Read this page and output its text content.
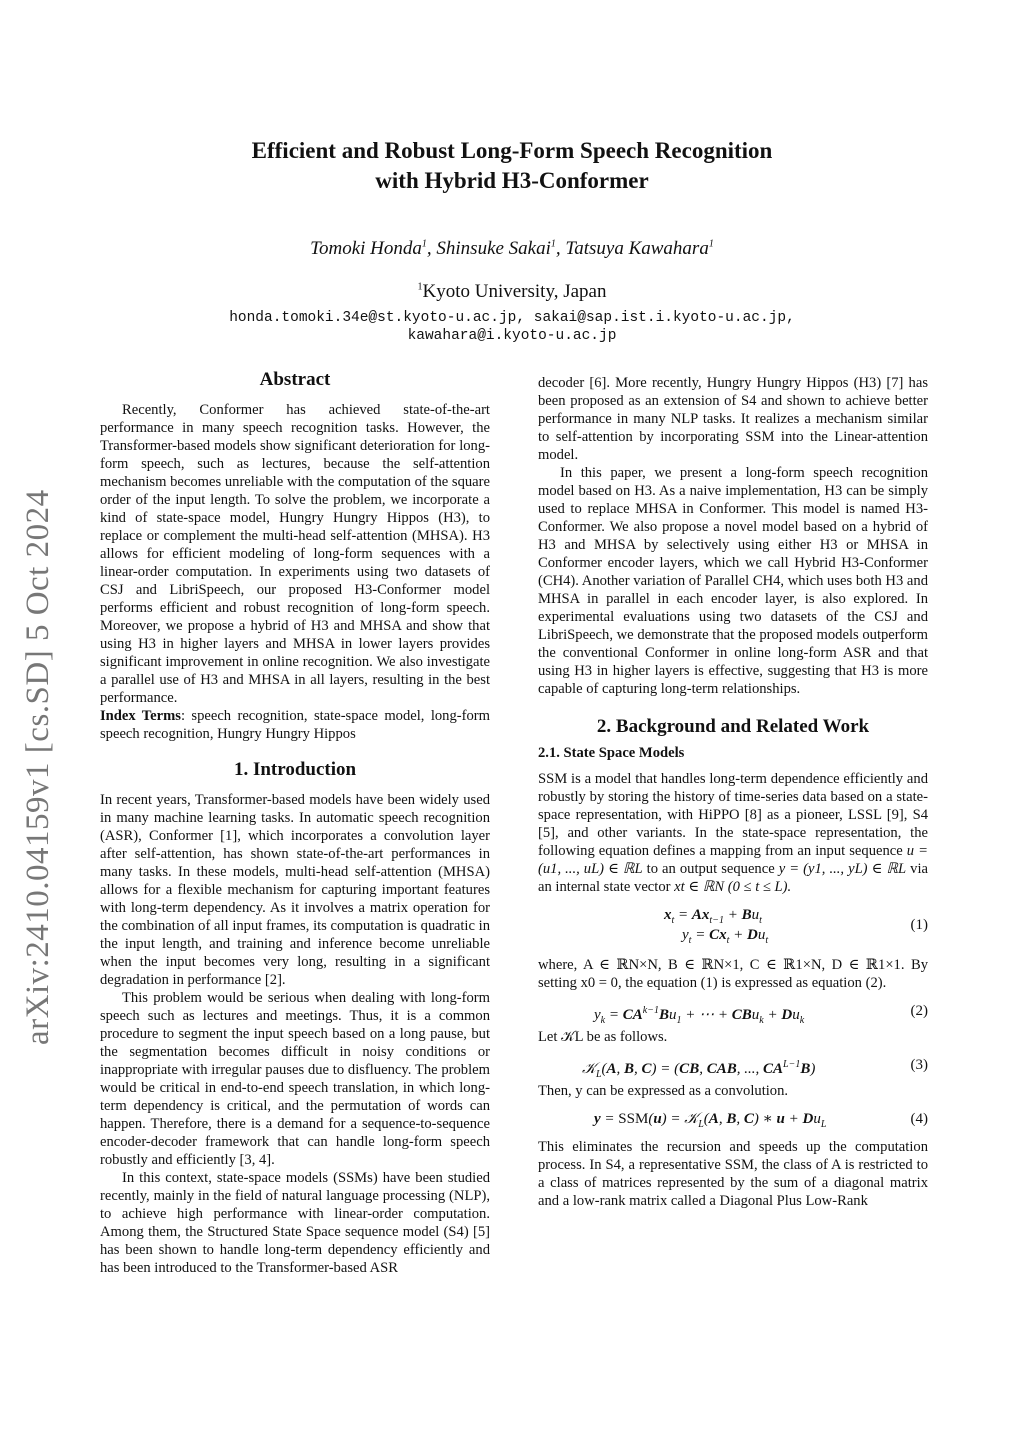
Efficient and Robust Long-Form Speech Recognition
with Hybrid H3-Conformer
Tomoki Honda$^1$, Shinsuke Sakai$^1$, Tatsuya Kawahara$^1$
$^1$Kyoto University, Japan
honda.tomoki.34e@st.kyoto-u.ac.jp, sakai@sap.ist.i.kyoto-u.ac.jp,
kawahara@i.kyoto-u.ac.jp
arXiv:2410.04159v1 [cs.SD] 5 Oct 2024
Abstract

Recently, Conformer has achieved state-of-the-art performance in many speech recognition tasks. However, the Transformer-based models show significant deterioration for long-form speech, such as lectures, because the self-attention mechanism becomes unreliable with the computation of the square order of the input length. To solve the problem, we incorporate a kind of state-space model, Hungry Hungry Hippos (H3), to replace or complement the multi-head self-attention (MHSA). H3 allows for efficient modeling of long-form sequences with a linear-order computation. In experiments using two datasets of CSJ and LibriSpeech, our proposed H3-Conformer model performs efficient and robust recognition of long-form speech. Moreover, we propose a hybrid of H3 and MHSA and show that using H3 in higher layers and MHSA in lower layers provides significant improvement in online recognition. We also investigate a parallel use of H3 and MHSA in all layers, resulting in the best performance.

Index Terms: speech recognition, state-space model, long-form speech recognition, Hungry Hungry Hippos

1. Introduction

In recent years, Transformer-based models have been widely used in many machine learning tasks. In automatic speech recognition (ASR), Conformer [1], which incorporates a convolution layer after self-attention, has shown state-of-the-art performances in many tasks. In these models, multi-head self-attention (MHSA) allows for a flexible mechanism for capturing important features with long-term dependency. As it involves a matrix operation for the combination of all input frames, its computation is quadratic in the input length, and training and inference become unreliable when the input becomes very long, resulting in a significant degradation in performance [2].

This problem would be serious when dealing with long-form speech such as lectures and meetings. Thus, it is a common procedure to segment the input speech based on a long pause, but the segmentation becomes difficult in noisy conditions or inappropriate with irregular pauses due to disfluency. The problem would be critical in end-to-end speech translation, in which long-term dependency is critical, and the permutation of words can happen. Therefore, there is a demand for a sequence-to-sequence encoder-decoder framework that can handle long-form speech robustly and efficiently [3, 4].

In this context, state-space models (SSMs) have been studied recently, mainly in the field of natural language processing (NLP), to achieve high performance with linear-order computation. Among them, the Structured State Space sequence model (S4) [5] has been shown to handle long-term dependency efficiently and has been introduced to the Transformer-based ASR

decoder [6]. More recently, Hungry Hungry Hippos (H3) [7] has been proposed as an extension of S4 and shown to achieve better performance in many NLP tasks. It realizes a mechanism similar to self-attention by incorporating SSM into the Linear-attention model.

In this paper, we present a long-form speech recognition model based on H3. As a naive implementation, H3 can be simply used to replace MHSA in Conformer. This model is named H3-Conformer. We also propose a novel model based on a hybrid of H3 and MHSA by selectively using either H3 or MHSA in Conformer encoder layers, which we call Hybrid H3-Conformer (CH4). Another variation of Parallel CH4, which uses both H3 and MHSA in parallel in each encoder layer, is also explored. In experimental evaluations using two datasets of the CSJ and LibriSpeech, we demonstrate that the proposed models outperform the conventional Conformer in online long-form ASR and that using H3 in higher layers is effective, suggesting that H3 is more capable of capturing long-term relationships.

2. Background and Related Work
2.1. State Space Models

SSM is a model that handles long-term dependence efficiently and robustly by storing the history of time-series data based on a state-space representation, with HiPPO [8] as a pioneer, LSSL [9], S4 [5], and other variants. In the state-space representation, the following equation defines a mapping from an input sequence u = (u1, ..., uL) ∈ ℝL to an output sequence y = (y1, ..., yL) ∈ ℝL via an internal state vector xt ∈ ℝN (0 ≤ t ≤ L).

$x_t = Ax_{t-1} + Bu_t$
$y_t = Cx_t + Du_t$
(1)

where, A ∈ ℝN×N, B ∈ ℝN×1, C ∈ ℝ1×N, D ∈ ℝ1×1. By setting x0 = 0, the equation (1) is expressed as equation (2).

$y_k = CA^{k-1}Bu_1$ + ⋯ + $CBu_k + Du_k$
(2)

Let 𝒦L be as follows.

𝒦$_L$(A, B, C) = (CB, CAB, ..., $CA^{L-1}B$)	(3)

Then, y can be expressed as a convolution.

y = SSM(u) = 𝒦$_L$(A, B, C) ∗ $u + Du_L$	(4)

This eliminates the recursion and speeds up the computation process. In S4, a representative SSM, the class of A is restricted to a class of matrices represented by the sum of a diagonal matrix and a low-rank matrix called a Diagonal Plus Low-Rank
